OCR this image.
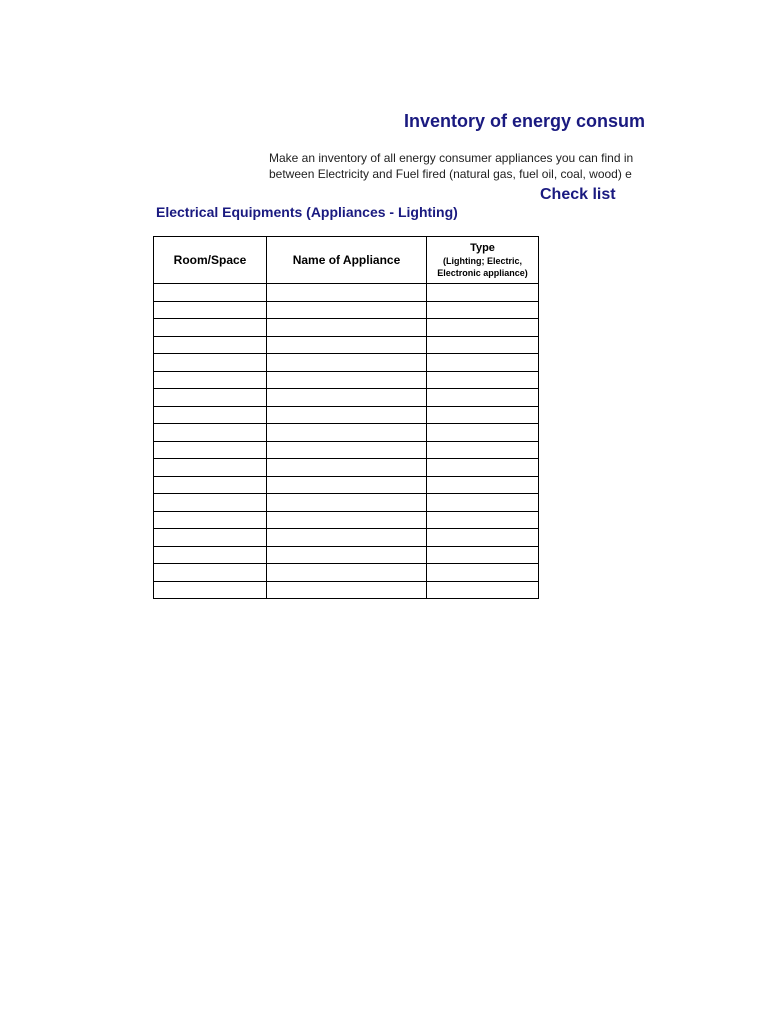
Inventory of energy consum
Make an inventory of all energy consumer appliances you can find in
between Electricity and Fuel fired (natural gas, fuel oil, coal, wood) e
Check list
Electrical Equipments (Appliances - Lighting)
Room/Space	Name of Appliance	Type
(Lighting; Electric,
Electronic appliance)
